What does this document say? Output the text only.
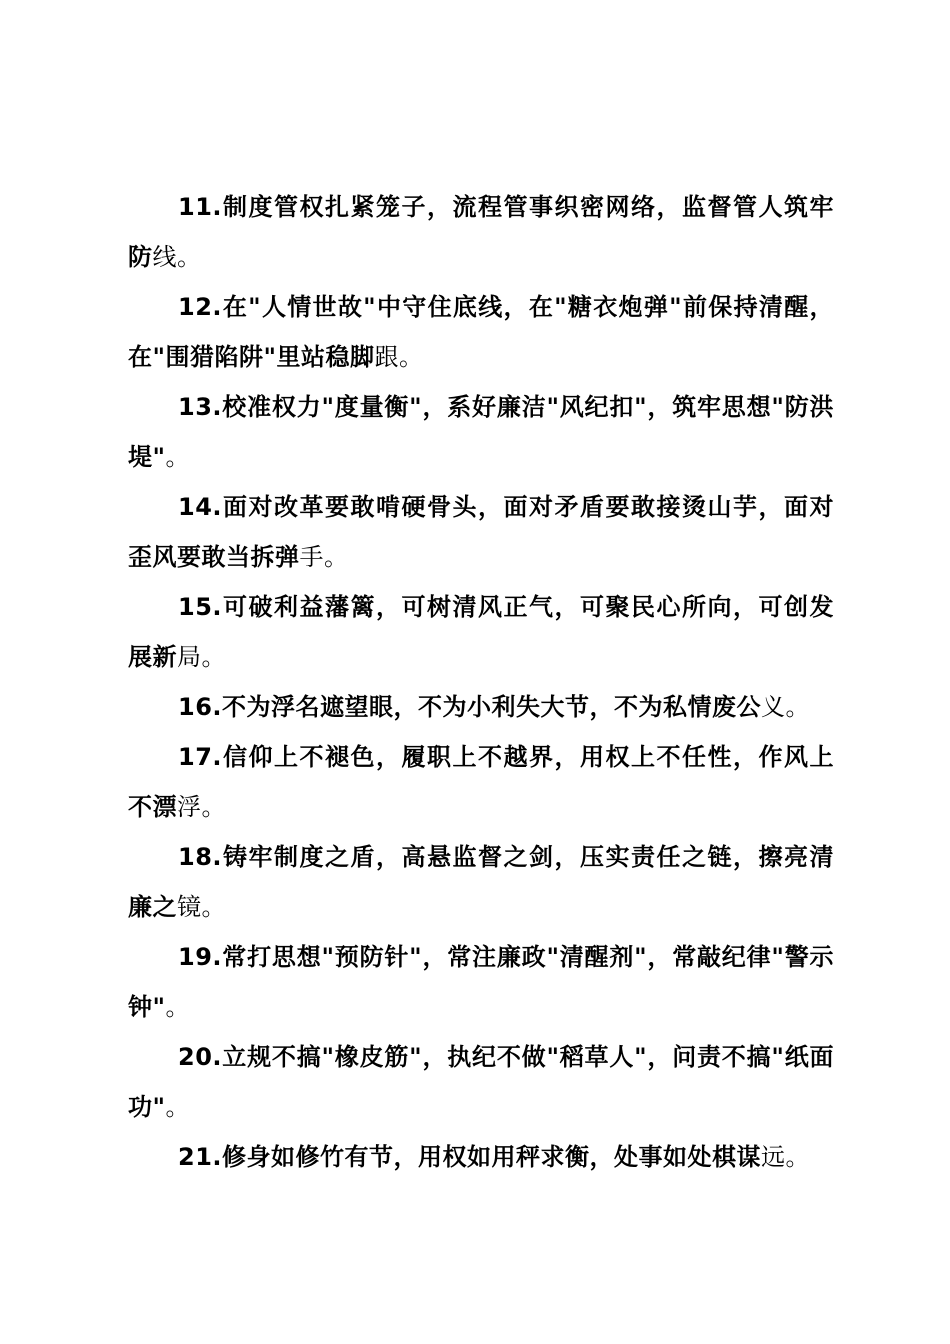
11.制度管权扎紧笼子，流程管事织密网络，监督管人筑牢防线。

12.在"人情世故"中守住底线，在"糖衣炮弹"前保持清醒，在"围猎陷阱"里站稳脚跟。

13.校准权力"度量衡"，系好廉洁"风纪扣"，筑牢思想"防洪堤"。

14.面对改革要敢啃硬骨头，面对矛盾要敢接烫山芋，面对歪风要敢当拆弹手。

15.可破利益藩篱，可树清风正气，可聚民心所向，可创发展新局。

16.不为浮名遮望眼，不为小利失大节，不为私情废公义。

17.信仰上不褪色，履职上不越界，用权上不任性，作风上不漂浮。

18.铸牢制度之盾，高悬监督之剑，压实责任之链，擦亮清廉之镜。

19.常打思想"预防针"，常注廉政"清醒剂"，常敲纪律"警示钟"。

20.立规不搞"橡皮筋"，执纪不做"稻草人"，问责不搞"纸面功"。

21.修身如修竹有节，用权如用秤求衡，处事如处棋谋远。
